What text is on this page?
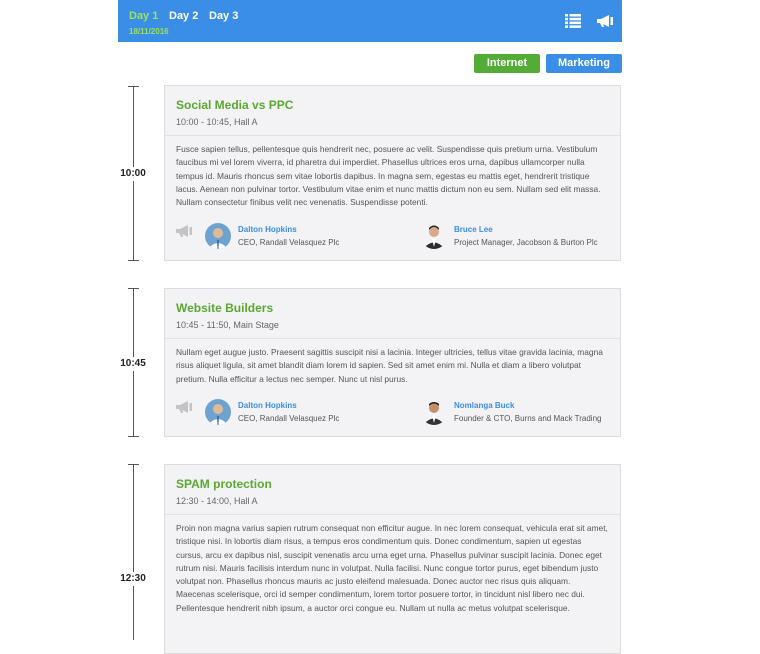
Day 1 Day 2 Day 3
18/11/2016
Internet	Marketing
10:00
Social Media vs PPC
10:00 - 10:45, Hall A

Fusce sapien tellus, pellentesque quis hendrerit nec, posuere ac velit. Suspendisse quis pretium urna. Vestibulum faucibus mi vel lorem viverra, id pharetra dui imperdiet. Phasellus ultrices eros urna, dapibus ullamcorper nulla tempus id. Mauris rhoncus sem vitae lobortis dapibus. In magna sem, egestas eu mattis eget, hendrerit tristique lacus. Aenean non pulvinar tortor. Vestibulum vitae enim et nunc mattis dictum non eu sem. Nullam sed elit massa. Nullam consectetur finibus velit nec venenatis. Suspendisse potenti.

Dalton Hopkins
CEO, Randall Velasquez Plc
Bruce Lee
Project Manager, Jacobson & Burton Plc
10:45
Website Builders
10:45 - 11:50, Main Stage

Nullam eget augue justo. Praesent sagittis suscipit nisi a lacinia. Integer ultricies, tellus vitae gravida lacinia, magna risus aliquet ligula, sit amet blandit diam lorem id sapien. Sed sit amet enim mi. Nulla et diam a libero volutpat pretium. Nulla efficitur a lectus nec semper. Nunc ut nisl purus.

Dalton Hopkins
CEO, Randall Velasquez Plc
Nomlanga Buck
Founder & CTO, Burns and Mack Trading
12:30
SPAM protection
12:30 - 14:00, Hall A

Proin non magna varius sapien rutrum consequat non efficitur augue. In nec lorem consequat, vehicula erat sit amet, tristique nisi. In lobortis diam risus, a tempus eros condimentum quis. Donec condimentum, sapien ut egestas cursus, arcu ex dapibus nisl, suscipit venenatis arcu urna eget urna. Phasellus pulvinar suscipit lacinia. Donec eget rutrum nisi. Mauris facilisis interdum nunc in volutpat. Nulla facilisi. Nunc congue tortor purus, eget bibendum justo volutpat non. Phasellus rhoncus mauris ac justo eleifend malesuada. Donec auctor nec risus quis aliquam. Maecenas scelerisque, orci id semper condimentum, lorem tortor posuere tortor, in tincidunt nisl libero nec dui. Pellentesque hendrerit nibh ipsum, a auctor orci congue eu. Nullam ut nulla ac metus volutpat scelerisque.
